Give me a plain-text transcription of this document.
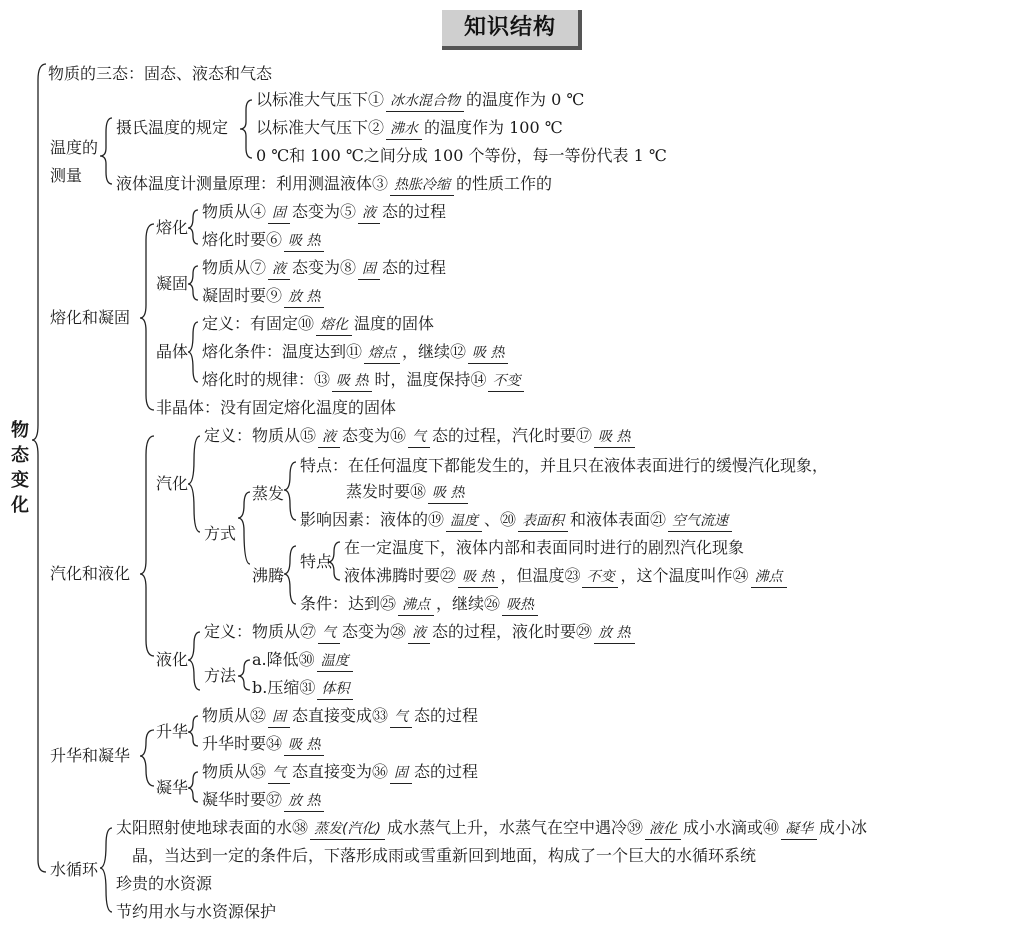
知识结构
物态变化
物质的三态：固态、液态和气态
温度的测量
摄氏温度的规定
以标准大气压下① 冰水混合物 的温度作为 0 ℃
以标准大气压下② 沸水 的温度作为 100 ℃
0 ℃和 100 ℃之间分成 100 个等份，每一等份代表 1 ℃
液体温度计测量原理：利用测温液体③ 热胀冷缩 的性质工作的
熔化和凝固
熔化
物质从④ 固 态变为⑤ 液 态的过程
熔化时要⑥ 吸 热
凝固
物质从⑦ 液 态变为⑧ 固 态的过程
凝固时要⑨ 放 热
晶体
定义：有固定⑩ 熔化 温度的固体
熔化条件：温度达到⑪ 熔点 ，继续⑫ 吸 热
熔化时的规律：⑬ 吸 热 时，温度保持⑭ 不变
非晶体：没有固定熔化温度的固体
汽化和液化
汽化
定义：物质从⑮ 液 态变为⑯ 气 态的过程，汽化时要⑰ 吸 热
方式
蒸发
特点：在任何温度下都能发生的，并且只在液体表面进行的缓慢汽化现象，
蒸发时要⑱ 吸 热
影响因素：液体的⑲ 温度 、⑳ 表面积 和液体表面㉑ 空气流速
沸腾
特点
在一定温度下，液体内部和表面同时进行的剧烈汽化现象
液体沸腾时要㉒ 吸 热 ，但温度㉓ 不变 ，这个温度叫作㉔ 沸点
条件：达到㉕ 沸点 ，继续㉖ 吸热
液化
定义：物质从㉗ 气 态变为㉘ 液 态的过程，液化时要㉙ 放 热
方法
a.降低㉚ 温度
b.压缩㉛ 体积
升华和凝华
升华
物质从㉜ 固 态直接变成㉝ 气 态的过程
升华时要㉞ 吸 热
凝华
物质从㉟ 气 态直接变为㊱ 固 态的过程
凝华时要㊲ 放 热
水循环
太阳照射使地球表面的水㊳ 蒸发(汽化) 成水蒸气上升，水蒸气在空中遇冷㊴ 液化 成小水滴或㊵ 凝华 成小冰
晶，当达到一定的条件后，下落形成雨或雪重新回到地面，构成了一个巨大的水循环系统
珍贵的水资源
节约用水与水资源保护
